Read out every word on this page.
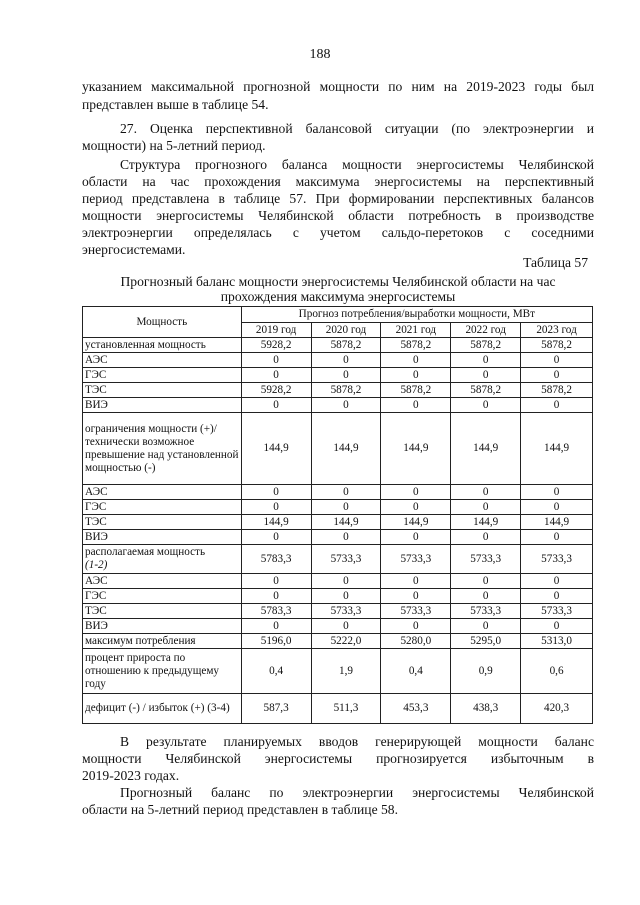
188
указанием максимальной прогнозной мощности по ним на 2019-2023 годы был
представлен выше в таблице 54.
27. Оценка перспективной балансовой ситуации (по электроэнергии и
мощности) на 5-летний период.
Структура прогнозного баланса мощности энергосистемы Челябинской
области на час прохождения максимума энергосистемы на перспективный
период представлена в таблице 57. При формировании перспективных балансов
мощности энергосистемы Челябинской области потребность в производстве
электроэнергии определялась с учетом сальдо-перетоков с соседними
энергосистемами.
Таблица 57
Прогнозный баланс мощности энергосистемы Челябинской области на час
прохождения максимума энергосистемы
Мощность	Прогноз потребления/выработки мощности, МВт				
	2019 год	2020 год	2021 год	2022 год	2023 год
установленная мощность	5928,2	5878,2	5878,2	5878,2	5878,2
АЭС	0	0	0	0	0
ГЭС	0	0	0	0	0
ТЭС	5928,2	5878,2	5878,2	5878,2	5878,2
ВИЭ	0	0	0	0	0
ограничения мощности (+)/технически возможное превышение над установленной мощностью (-)	144,9	144,9	144,9	144,9	144,9
АЭС	0	0	0	0	0
ГЭС	0	0	0	0	0
ТЭС	144,9	144,9	144,9	144,9	144,9
ВИЭ	0	0	0	0	0
располагаемая мощность
(1-2)	5783,3	5733,3	5733,3	5733,3	5733,3
АЭС	0	0	0	0	0
ГЭС	0	0	0	0	0
ТЭС	5783,3	5733,3	5733,3	5733,3	5733,3
ВИЭ	0	0	0	0	0
максимум потребления	5196,0	5222,0	5280,0	5295,0	5313,0
процент прироста по отношению к предыдущему году	0,4	1,9	0,4	0,9	0,6
дефицит (-) / избыток (+) (3-4)	587,3	511,3	453,3	438,3	420,3
В результате планируемых вводов генерирующей мощности баланс
мощности Челябинской энергосистемы прогнозируется избыточным в
2019-2023 годах.
Прогнозный баланс по электроэнергии энергосистемы Челябинской
области на 5-летний период представлен в таблице 58.
